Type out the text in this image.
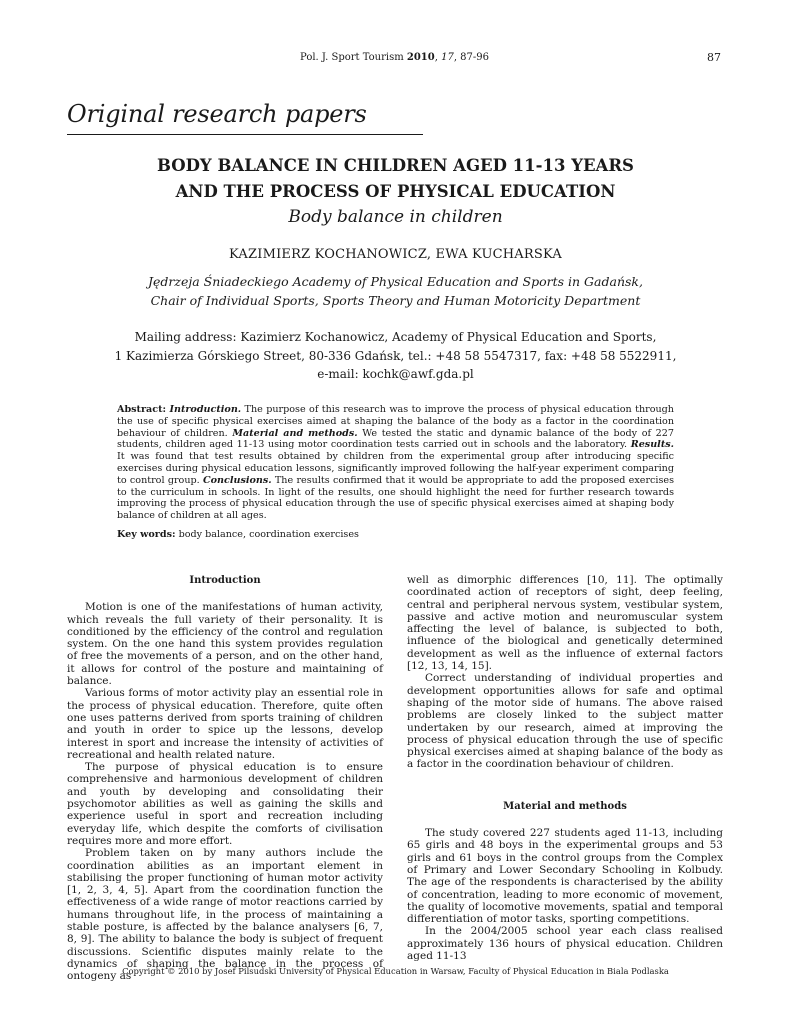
Pol. J. Sport Tourism 2010, 17, 87-96	87
Original research papers
BODY BALANCE IN CHILDREN AGED 11-13 YEARS
AND THE PROCESS OF PHYSICAL EDUCATION
Body balance in children
KAZIMIERZ KOCHANOWICZ, EWA KUCHARSKA
Jędrzeja Śniadeckiego Academy of Physical Education and Sports in Gadańsk,
Chair of Individual Sports, Sports Theory and Human Motoricity Department
Mailing address: Kazimierz Kochanowicz, Academy of Physical Education and Sports,
1 Kazimierza Górskiego Street, 80-336 Gdańsk, tel.: +48 58 5547317, fax: +48 58 5522911,
e-mail: kochk@awf.gda.pl
Abstract: Introduction. The purpose of this research was to improve the process of physical education through the use of specific physical exercises aimed at shaping the balance of the body as a factor in the coordination behaviour of children. Material and methods. We tested the static and dynamic balance of the body of 227 students, children aged 11-13 using motor coordination tests carried out in schools and the laboratory. Results. It was found that test results obtained by children from the experimental group after introducing specific exercises during physical education lessons, significantly improved following the half-year experiment comparing to control group. Conclusions. The results confirmed that it would be appropriate to add the proposed exercises to the curriculum in schools. In light of the results, one should highlight the need for further research towards improving the process of physical education through the use of specific physical exercises aimed at shaping body balance of children at all ages.
Key words: body balance, coordination exercises

Introduction

Motion is one of the manifestations of human activity, which reveals the full variety of their personality. It is conditioned by the efficiency of the control and regulation system. On the one hand this system provides regulation of free the movements of a person, and on the other hand, it allows for control of the posture and maintaining of balance.

Various forms of motor activity play an essential role in the process of physical education. Therefore, quite often one uses patterns derived from sports training of children and youth in order to spice up the lessons, develop interest in sport and increase the intensity of activities of recreational and health related nature.

The purpose of physical education is to ensure comprehensive and harmonious development of children and youth by developing and consolidating their psychomotor abilities as well as gaining the skills and experience useful in sport and recreation including everyday life, which despite the comforts of civilisation requires more and more effort.

Problem taken on by many authors include the coordination abilities as an important element in stabilising the proper functioning of human motor activity [1, 2, 3, 4, 5]. Apart from the coordination function the effectiveness of a wide range of motor reactions carried by humans throughout life, in the process of maintaining a stable posture, is affected by the balance analysers [6, 7, 8, 9]. The ability to balance the body is subject of frequent discussions. Scientific disputes mainly relate to the dynamics of shaping the balance in the process of ontogeny as

well as dimorphic differences [10, 11]. The optimally coordinated action of receptors of sight, deep feeling, central and peripheral nervous system, vestibular system, passive and active motion and neuromuscular system affecting the level of balance, is subjected to both, influence of the biological and genetically determined development as well as the influence of external factors [12, 13, 14, 15].

Correct understanding of individual properties and development opportunities allows for safe and optimal shaping of the motor side of humans. The above raised problems are closely linked to the subject matter undertaken by our research, aimed at improving the process of physical education through the use of specific physical exercises aimed at shaping balance of the body as a factor in the coordination behaviour of children.

Material and methods

The study covered 227 students aged 11-13, including 65 girls and 48 boys in the experimental groups and 53 girls and 61 boys in the control groups from the Complex of Primary and Lower Secondary Schooling in Kolbudy. The age of the respondents is characterised by the ability of concentration, leading to more economic of movement, the quality of locomotive movements, spatial and temporal differentiation of motor tasks, sporting competitions.

In the 2004/2005 school year each class realised approximately 136 hours of physical education. Children aged 11-13

Copyright © 2010 by Josef Pilsudski University of Physical Education in Warsaw, Faculty of Physical Education in Biala Podlaska
